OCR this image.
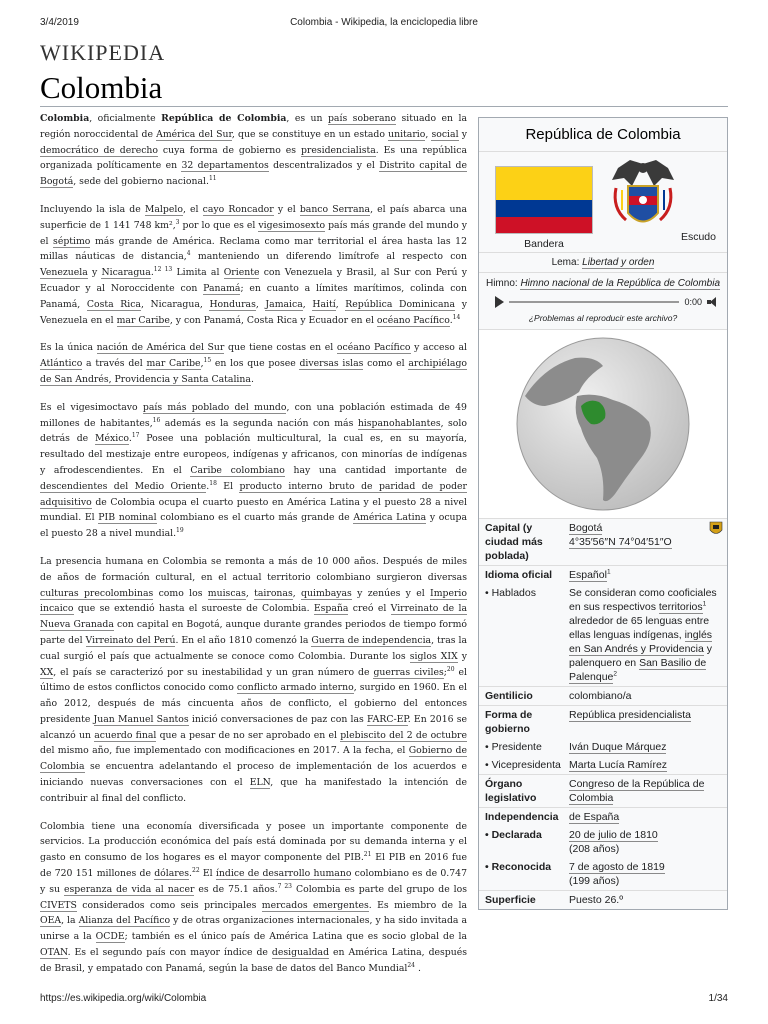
3/4/2019	Colombia - Wikipedia, la enciclopedia libre
WIKIPEDIA
Colombia

Colombia, oficialmente República de Colombia, es un país soberano situado en la región noroccidental de América del Sur, que se constituye en un estado unitario, social y democrático de derecho cuya forma de gobierno es presidencialista. Es una república organizada políticamente en 32 departamentos descentralizados y el Distrito capital de Bogotá, sede del gobierno nacional.$^{11}$

Incluyendo la isla de Malpelo, el cayo Roncador y el banco Serrana, el país abarca una superficie de 1 141 748 km²,$^3$ por lo que es el vigesimosexto país más grande del mundo y el séptimo más grande de América. Reclama como mar territorial el área hasta las 12 millas náuticas de distancia,$^4$ manteniendo un diferendo limítrofe al respecto con Venezuela y Nicaragua.$^{12 13}$ Limita al Oriente con Venezuela y Brasil, al Sur con Perú y Ecuador y al Noroccidente con Panamá; en cuanto a límites marítimos, colinda con Panamá, Costa Rica, Nicaragua, Honduras, Jamaica, Haití, República Dominicana y Venezuela en el mar Caribe, y con Panamá, Costa Rica y Ecuador en el océano Pacífico.$^{14}$

Es la única nación de América del Sur que tiene costas en el océano Pacífico y acceso al Atlántico a través del mar Caribe,$^{15}$ en los que posee diversas islas como el archipiélago de San Andrés, Providencia y Santa Catalina.

Es el vigesimoctavo país más poblado del mundo, con una población estimada de 49 millones de habitantes,$^{16}$ además es la segunda nación con más hispanohablantes, solo detrás de México.$^{17}$ Posee una población multicultural, la cual es, en su mayoría, resultado del mestizaje entre europeos, indígenas y africanos, con minorías de indígenas y afrodescendientes. En el Caribe colombiano hay una cantidad importante de descendientes del Medio Oriente.$^{18}$ El producto interno bruto de paridad de poder adquisitivo de Colombia ocupa el cuarto puesto en América Latina y el puesto 28 a nivel mundial. El PIB nominal colombiano es el cuarto más grande de América Latina y ocupa el puesto 28 a nivel mundial.$^{19}$

La presencia humana en Colombia se remonta a más de 10 000 años. Después de miles de años de formación cultural, en el actual territorio colombiano surgieron diversas culturas precolombinas como los muiscas, taironas, quimbayas y zenúes y el Imperio incaico que se extendió hasta el suroeste de Colombia. España creó el Virreinato de la Nueva Granada con capital en Bogotá, aunque durante grandes periodos de tiempo formó parte del Virreinato del Perú. En el año 1810 comenzó la Guerra de independencia, tras la cual surgió el país que actualmente se conoce como Colombia. Durante los siglos XIX y XX, el país se caracterizó por su inestabilidad y un gran número de guerras civiles;$^{20}$ el último de estos conflictos conocido como conflicto armado interno, surgido en 1960. En el año 2012, después de más cincuenta años de conflicto, el gobierno del entonces presidente Juan Manuel Santos inició conversaciones de paz con las FARC-EP. En 2016 se alcanzó un acuerdo final que a pesar de no ser aprobado en el plebiscito del 2 de octubre del mismo año, fue implementado con modificaciones en 2017. A la fecha, el Gobierno de Colombia se encuentra adelantando el proceso de implementación de los acuerdos e iniciando nuevas conversaciones con el ELN, que ha manifestado la intención de contribuir al final del conflicto.

Colombia tiene una economía diversificada y posee un importante componente de servicios. La producción económica del país está dominada por su demanda interna y el gasto en consumo de los hogares es el mayor componente del PIB.$^{21}$ El PIB en 2016 fue de 720 151 millones de dólares.$^{22}$ El índice de desarrollo humano colombiano es de 0.747 y su esperanza de vida al nacer es de 75.1 años.$^{7 23}$ Colombia es parte del grupo de los CIVETS considerados como seis principales mercados emergentes. Es miembro de la OEA, la Alianza del Pacífico y de otras organizaciones internacionales, y ha sido invitada a unirse a la OCDE; también es el único país de América Latina que es socio global de la OTAN. Es el segundo país con mayor índice de desigualdad en América Latina, después de Brasil, y empatado con Panamá, según la base de datos del Banco Mundial$^{24}$ .

República de Colombia
Bandera
Escudo
Lema: Libertad y orden
Himno: Himno nacional de la República de Colombia
0:00
¿Problemas al reproducir este archivo?
Capital (y ciudad más poblada)	Bogotá
4°35′56″N 74°04′51″O
Idioma oficial	Español$^1$
• Hablados	Se consideran como cooficiales en sus respectivos territorios$^1$ alrededor de 65 lenguas entre ellas lenguas indígenas, inglés en San Andrés y Providencia y palenquero en San Basilio de Palenque$^2$
Gentilicio	colombiano/a
Forma de gobierno	República presidencialista
• Presidente	Iván Duque Márquez
• Vicepresidenta	Marta Lucía Ramírez
Órgano legislativo	Congreso de la República de Colombia
Independencia	de España
• Declarada	20 de julio de 1810
(208 años)
• Reconocida	7 de agosto de 1819
(199 años)
Superficie	Puesto 26.º
https://es.wikipedia.org/wiki/Colombia	1/34
